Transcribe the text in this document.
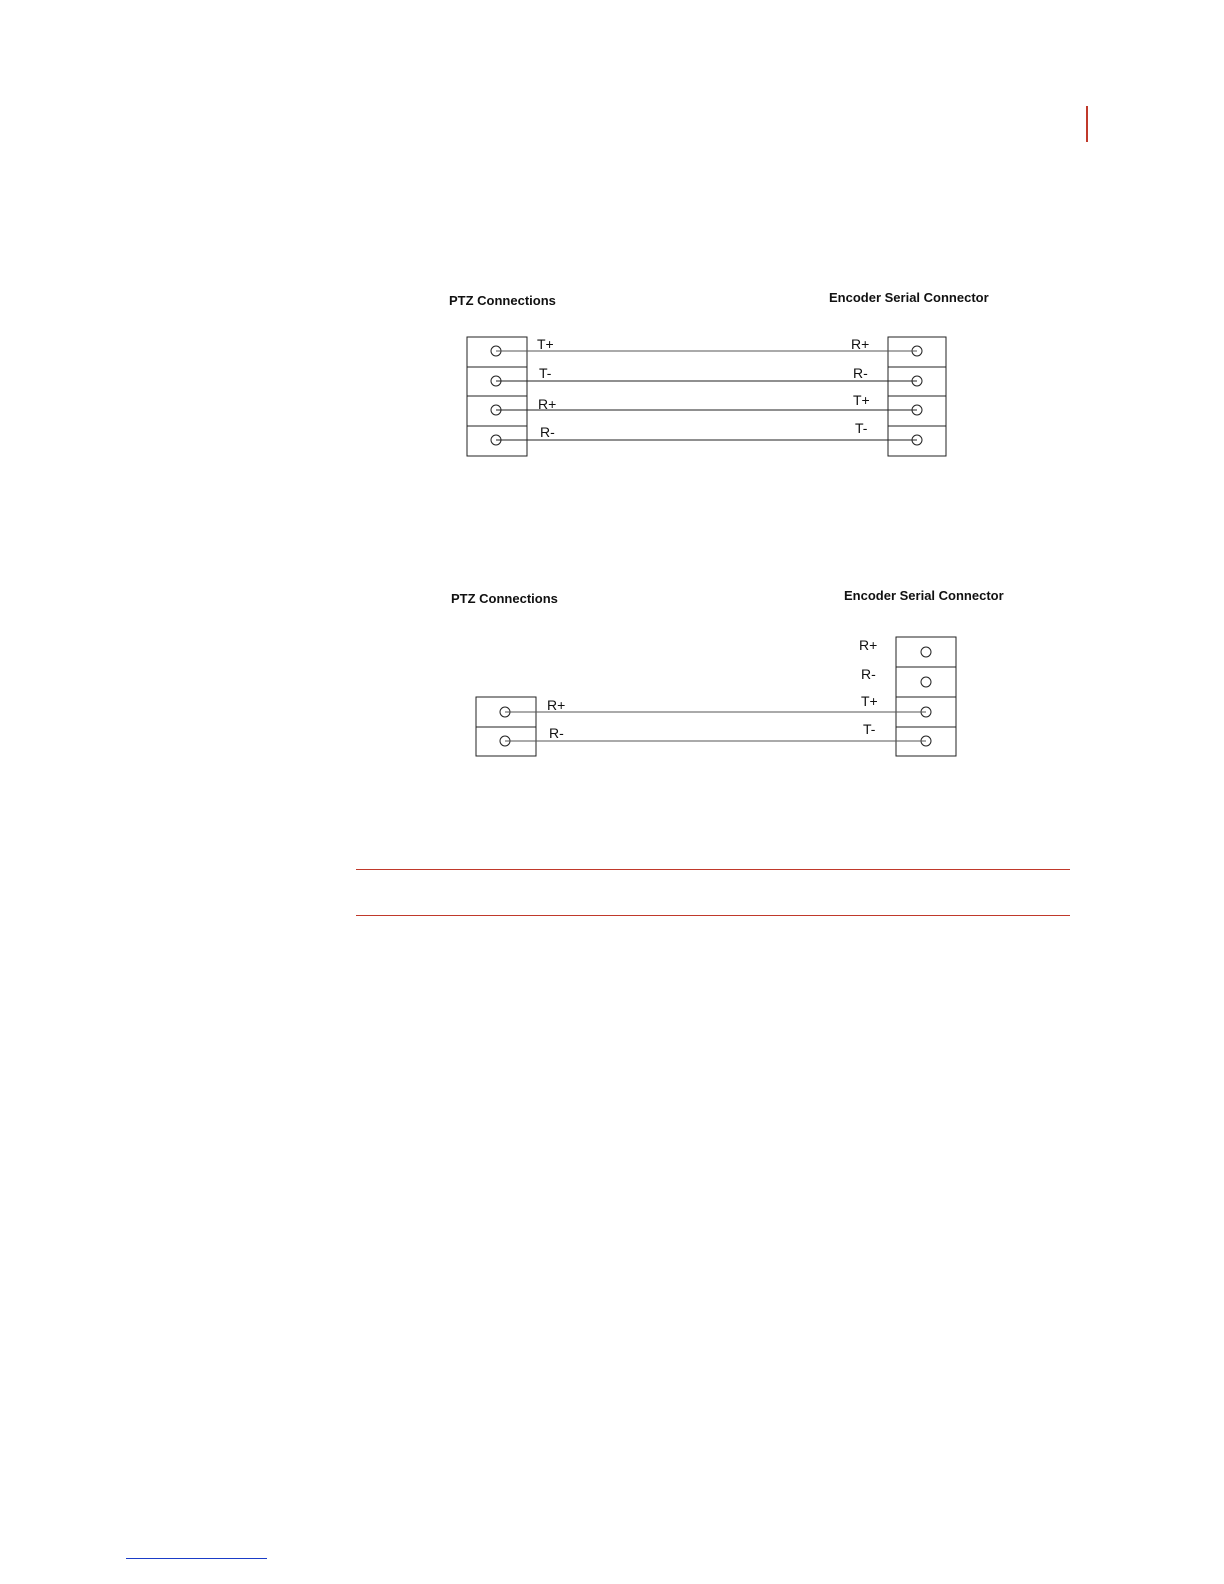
PTZ Connections	Encoder Serial Connector
T+
T-
R+
R-
R+
R-
T+
T-
PTZ Connections	Encoder Serial Connector
R+
R-
R+
R-
T+
T-
